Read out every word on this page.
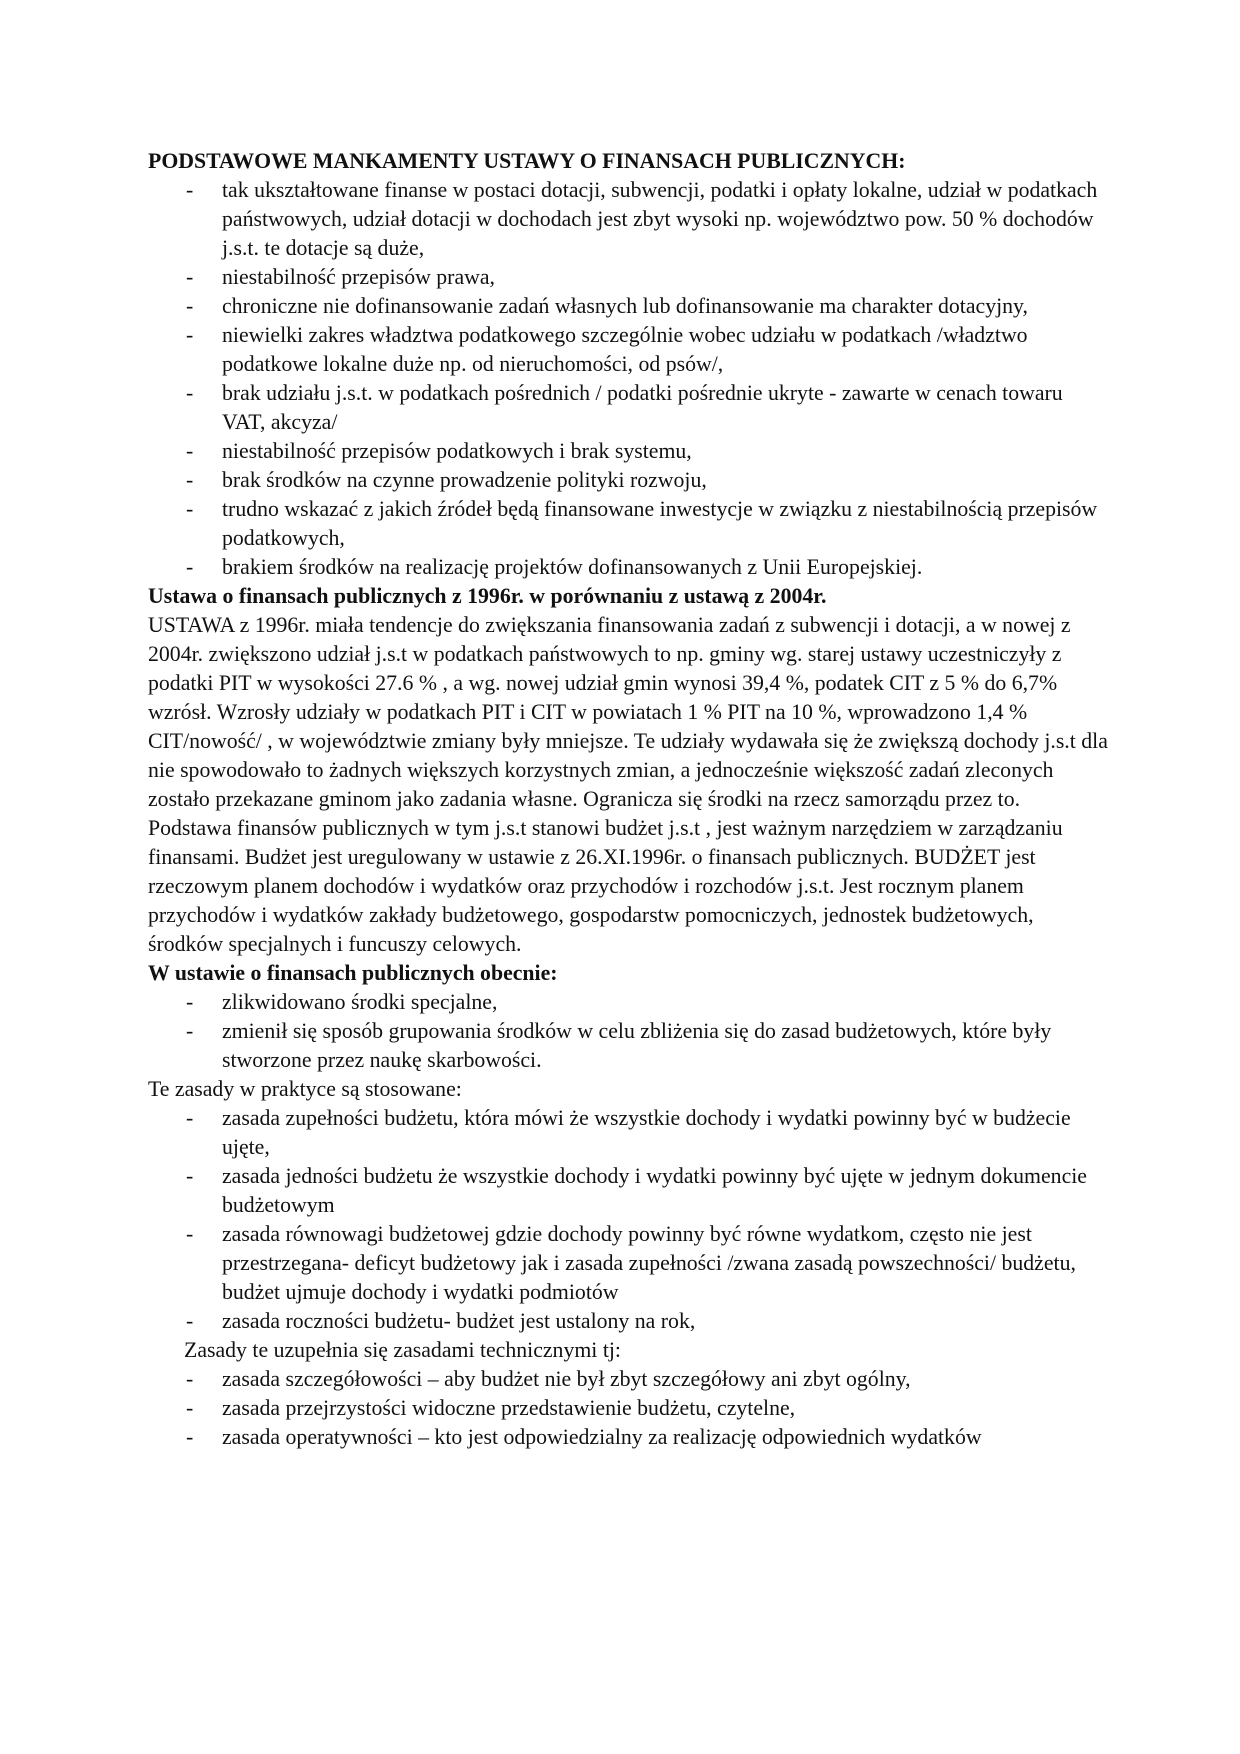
PODSTAWOWE MANKAMENTY USTAWY O FINANSACH PUBLICZNYCH:

- tak ukształtowane finanse w postaci dotacji, subwencji, podatki i opłaty lokalne, udział w podatkach państwowych, udział dotacji w dochodach jest zbyt wysoki np. województwo pow. 50 % dochodów j.s.t. te dotacje są duże,
- niestabilność przepisów prawa,
- chroniczne nie dofinansowanie zadań własnych lub dofinansowanie ma charakter dotacyjny,
- niewielki zakres władztwa podatkowego szczególnie wobec udziału w podatkach /władztwo podatkowe lokalne duże np. od nieruchomości, od psów/,
- brak udziału j.s.t. w podatkach pośrednich / podatki pośrednie ukryte - zawarte w cenach towaru VAT, akcyza/
- niestabilność przepisów podatkowych i brak systemu,
- brak środków na czynne prowadzenie polityki rozwoju,
- trudno wskazać z jakich źródeł będą finansowane inwestycje w związku z niestabilnością przepisów podatkowych,
- brakiem środków na realizację projektów dofinansowanych z Unii Europejskiej.

Ustawa o finansach publicznych z 1996r. w porównaniu z ustawą z 2004r.

USTAWA z 1996r. miała tendencje do zwiększania finansowania zadań z subwencji i dotacji, a w nowej z 2004r. zwiększono udział j.s.t w podatkach państwowych to np. gminy wg. starej ustawy uczestniczyły z podatki PIT w wysokości 27.6 % , a wg. nowej udział gmin wynosi 39,4 %, podatek CIT z 5 % do 6,7% wzrósł. Wzrosły udziały w podatkach PIT i CIT w powiatach 1 % PIT na 10 %, wprowadzono 1,4 % CIT/nowość/ , w województwie zmiany były mniejsze. Te udziały wydawała się że zwiększą dochody j.s.t dla nie spowodowało to żadnych większych korzystnych zmian, a jednocześnie większość zadań zleconych zostało przekazane gminom jako zadania własne. Ogranicza się środki na rzecz samorządu przez to. Podstawa finansów publicznych w tym j.s.t stanowi budżet j.s.t , jest ważnym narzędziem w zarządzaniu finansami. Budżet jest uregulowany w ustawie z 26.XI.1996r. o finansach publicznych. BUDŻET jest rzeczowym planem dochodów i wydatków oraz przychodów i rozchodów j.s.t. Jest rocznym planem przychodów i wydatków zakłady budżetowego, gospodarstw pomocniczych, jednostek budżetowych, środków specjalnych i funcuszy celowych.

W ustawie o finansach publicznych obecnie:

- zlikwidowano środki specjalne,
- zmienił się sposób grupowania środków w celu zbliżenia się do zasad budżetowych, które były stworzone przez naukę skarbowości.

Te zasady w praktyce są stosowane:

- zasada zupełności budżetu, która mówi że wszystkie dochody i wydatki powinny być w budżecie ujęte,
- zasada jedności budżetu że wszystkie dochody i wydatki powinny być ujęte w jednym dokumencie budżetowym
- zasada równowagi budżetowej gdzie dochody powinny być równe wydatkom, często nie jest przestrzegana- deficyt budżetowy jak i zasada zupełności /zwana zasadą powszechności/ budżetu, budżet ujmuje dochody i wydatki podmiotów
- zasada roczności budżetu- budżet jest ustalony na rok,

Zasady te uzupełnia się zasadami technicznymi tj:

- zasada szczegółowości – aby budżet nie był zbyt szczegółowy ani zbyt ogólny,
- zasada przejrzystości widoczne przedstawienie budżetu, czytelne,
- zasada operatywności – kto jest odpowiedzialny za realizację odpowiednich wydatków
